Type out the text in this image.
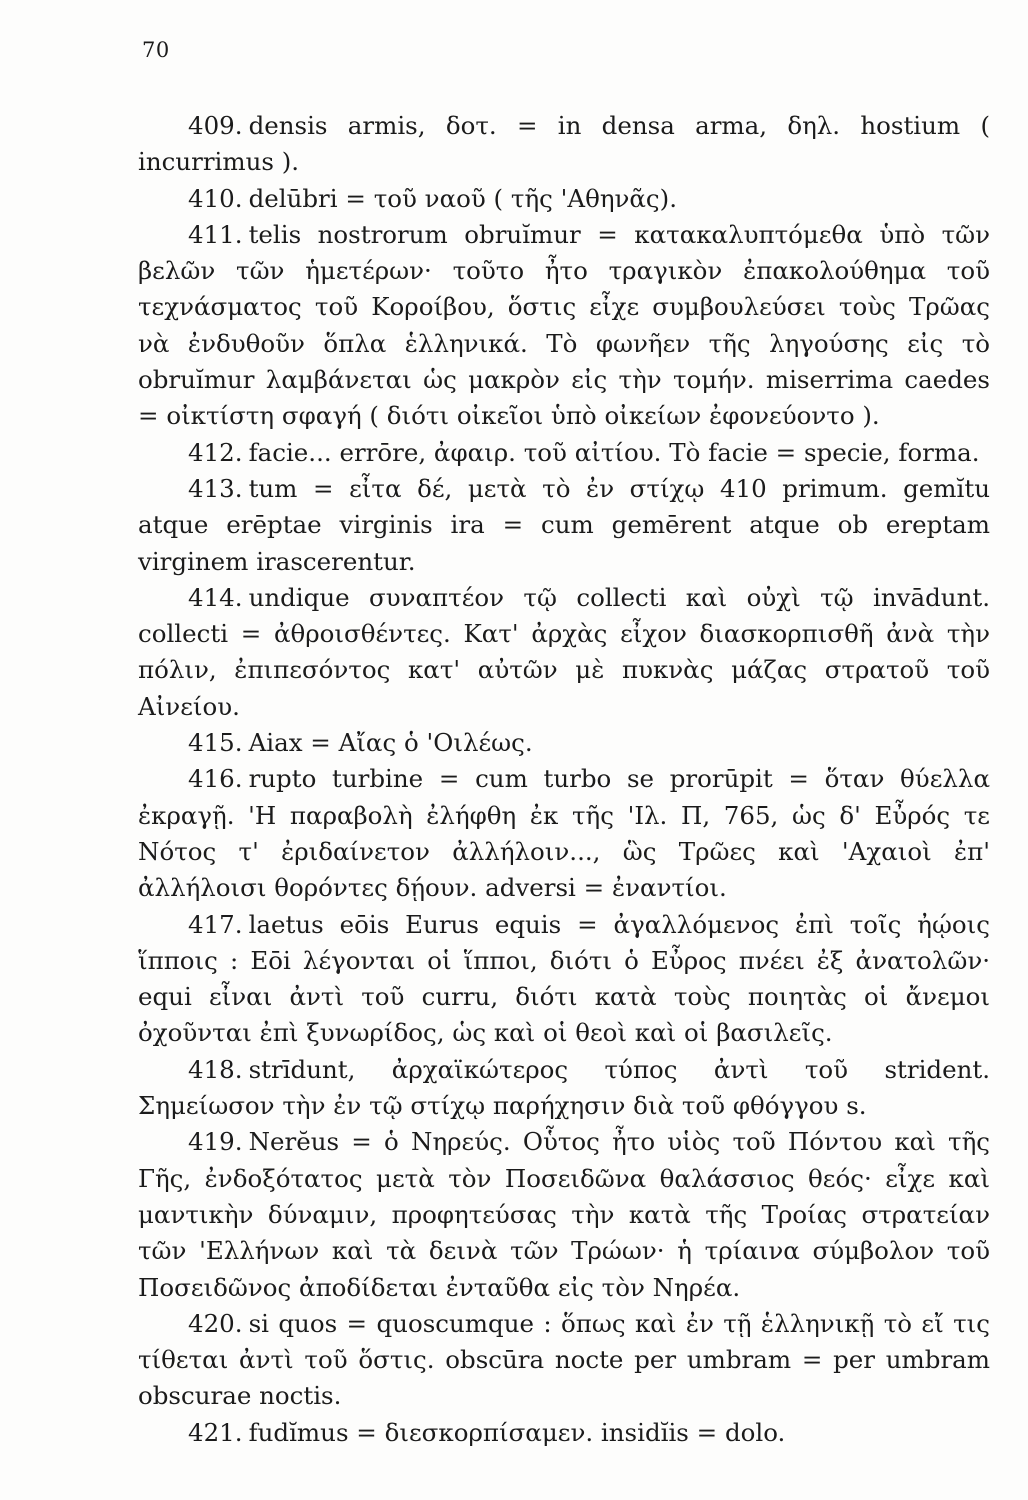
70

409. densis armis, δοτ. = in densa arma, δηλ. hostium ( incurrimus ).

410. delūbri = τοῦ ναοῦ ( τῆς 'Αθηνᾶς).

411. telis nostrorum obruĭmur = κατακαλυπτόμεθα ὑπὸ τῶν βελῶν τῶν ἡμετέρων· τοῦτο ἦτο τραγικὸν ἐπακολούθημα τοῦ τεχνάσματος τοῦ Κοροίβου, ὅστις εἶχε συμβουλεύσει τοὺς Τρῶας νὰ ἐνδυθοῦν ὅπλα ἑλληνικά. Τὸ φωνῆεν τῆς ληγούσης εἰς τὸ obruĭmur λαμβάνεται ὡς μακρὸν εἰς τὴν τομήν. miserrima caedes = οἰκτίστη σφαγή ( διότι οἰκεῖοι ὑπὸ οἰκείων ἐφονεύοντο ).

412. facie... errōre, ἀφαιρ. τοῦ αἰτίου. Τὸ facie = specie, forma.

413. tum = εἶτα δέ, μετὰ τὸ ἐν στίχῳ 410 primum. gemĭtu atque erēptae virginis ira = cum gemērent atque ob ereptam virginem irascerentur.

414. undique συναπτέον τῷ collecti καὶ οὐχὶ τῷ invādunt. collecti = ἀθροισθέντες. Κατ' ἀρχὰς εἶχον διασκορπισθῆ ἀνὰ τὴν πόλιν, ἐπιπεσόντος κατ' αὐτῶν μὲ πυκνὰς μάζας στρατοῦ τοῦ Αἰνείου.

415. Aiax = Αἴας ὁ 'Οιλέως.

416. rupto turbine = cum turbo se prorūpit = ὅταν θύελλα ἐκραγῇ. 'Η παραβολὴ ἐλήφθη ἐκ τῆς 'Ιλ. Π, 765, ὡς δ' Εὖρός τε Νότος τ' ἐριδαίνετον ἀλλήλοιν..., ὣς Τρῶες καὶ 'Αχαιοὶ ἐπ' ἀλλήλοισι θορόντες δῄουν. adversi = ἐναντίοι.

417. laetus eōis Eurus equis = ἀγαλλόμενος ἐπὶ τοῖς ἠῴοις ἵπποις : Eōi λέγονται οἱ ἵπποι, διότι ὁ Εὖρος πνέει ἐξ ἀνατολῶν· equi εἶναι ἀντὶ τοῦ curru, διότι κατὰ τοὺς ποιητὰς οἱ ἄνεμοι ὀχοῦνται ἐπὶ ξυνωρίδος, ὡς καὶ οἱ θεοὶ καὶ οἱ βασιλεῖς.

418. strīdunt, ἀρχαϊκώτερος τύπος ἀντὶ τοῦ strident. Σημείωσον τὴν ἐν τῷ στίχῳ παρήχησιν διὰ τοῦ φθόγγου s.

419. Nerĕus = ὁ Νηρεύς. Οὗτος ἦτο υἱὸς τοῦ Πόντου καὶ τῆς Γῆς, ἐνδοξότατος μετὰ τὸν Ποσειδῶνα θαλάσσιος θεός· εἶχε καὶ μαντικὴν δύναμιν, προφητεύσας τὴν κατὰ τῆς Τροίας στρατείαν τῶν 'Ελλήνων καὶ τὰ δεινὰ τῶν Τρώων· ἡ τρίαινα σύμβολον τοῦ Ποσειδῶνος ἀποδίδεται ἐνταῦθα εἰς τὸν Νηρέα.

420. si quos = quoscumque : ὅπως καὶ ἐν τῇ ἑλληνικῇ τὸ εἴ τις τίθεται ἀντὶ τοῦ ὅστις. obscūra nocte per umbram = per umbram obscurae noctis.

421. fudĭmus = διεσκορπίσαμεν. insidĭis = dolo.
